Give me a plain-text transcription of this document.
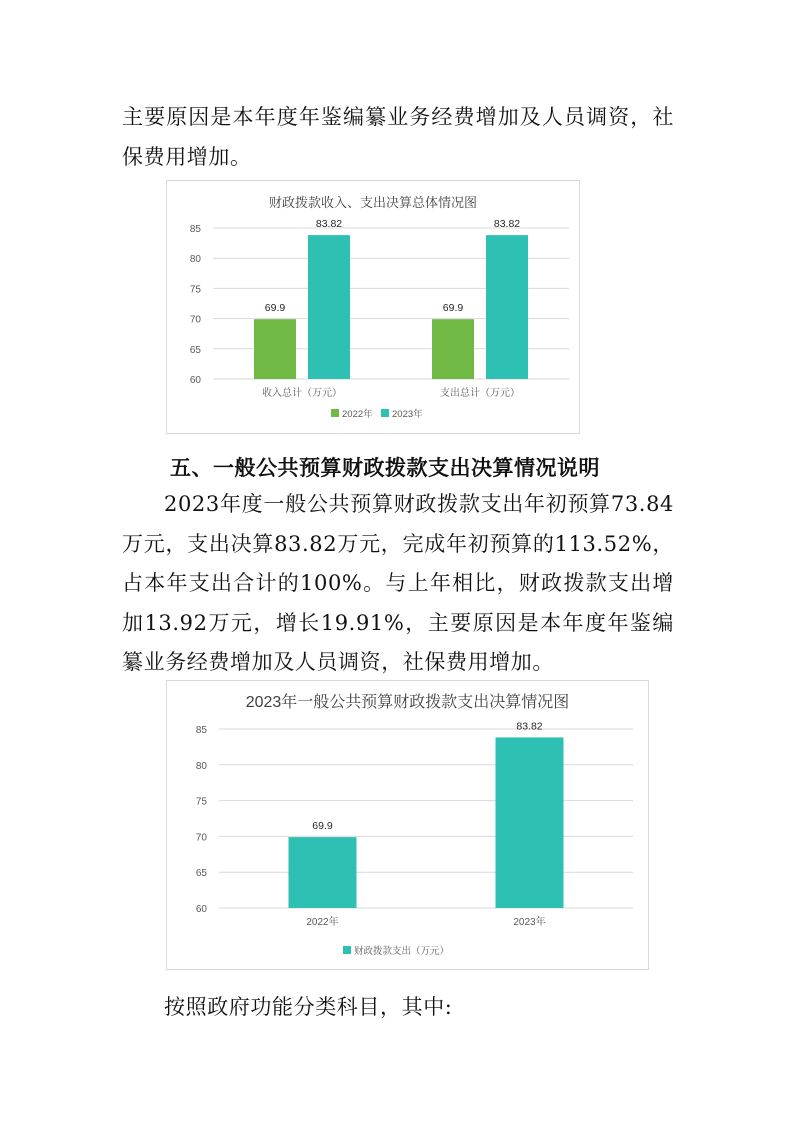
主要原因是本年度年鉴编纂业务经费增加及人员调资，社保费用增加。

财政拨款收入、支出决算总体情况图
60
65
70
75
80
85
69.9
83.82
收入总计（万元）
69.9
83.82
支出总计（万元）
2022年 2023年

五、一般公共预算财政拨款支出决算情况说明

2023年度一般公共预算财政拨款支出年初预算73.84万元，支出决算83.82万元，完成年初预算的113.52%，占本年支出合计的100%。与上年相比，财政拨款支出增加13.92万元，增长19.91%，主要原因是本年度年鉴编纂业务经费增加及人员调资，社保费用增加。

2023年一般公共预算财政拨款支出决算情况图
60
65
70
75
80
85
69.9
2022年
83.82
2023年
财政拨款支出（万元）

按照政府功能分类科目，其中:
